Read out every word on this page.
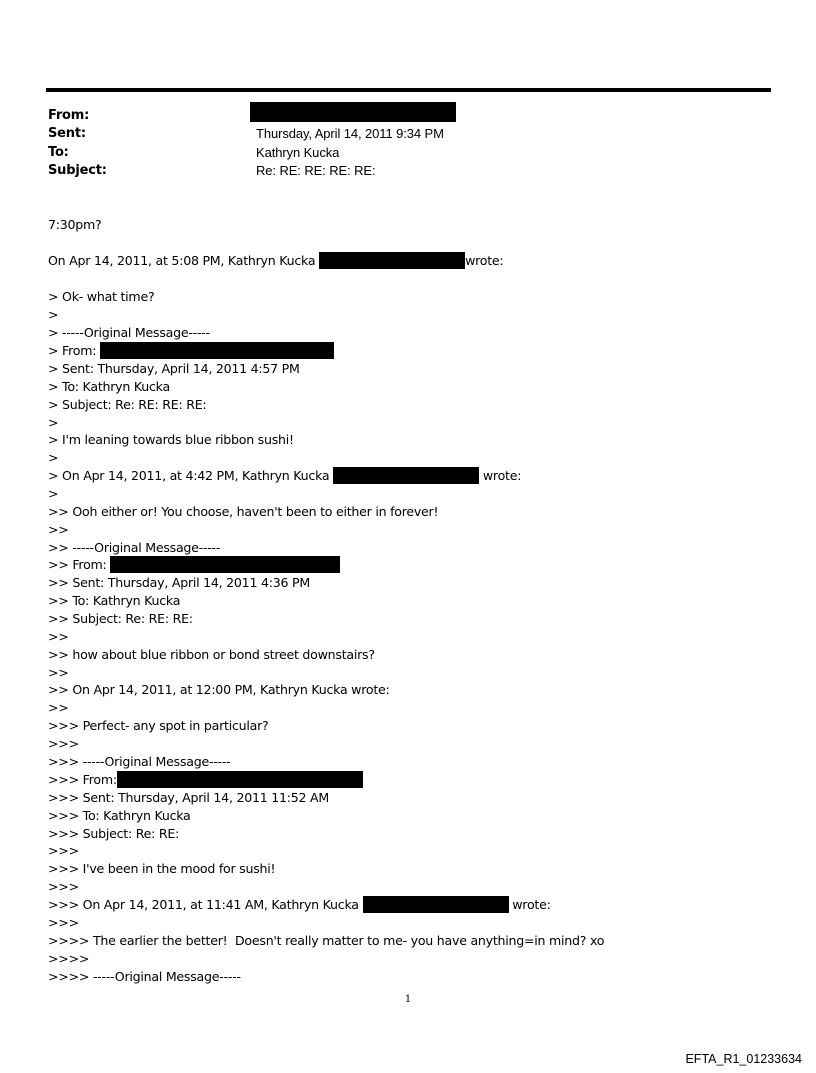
From:
Sent:	Thursday, April 14, 2011 9:34 PM
To:	Kathryn Kucka
Subject:	Re: RE: RE: RE: RE:
7:30pm?
On Apr 14, 2011, at 5:08 PM, Kathryn Kucka	wrote:
> Ok- what time?
>
> -----Original Message-----
> From:
> Sent: Thursday, April 14, 2011 4:57 PM
> To: Kathryn Kucka
> Subject: Re: RE: RE: RE:
>
> I'm leaning towards blue ribbon sushi!
>
> On Apr 14, 2011, at 4:42 PM, Kathryn Kucka	wrote:
>
>> Ooh either or! You choose, haven't been to either in forever!
>>
>> -----Original Message-----
>> From:
>> Sent: Thursday, April 14, 2011 4:36 PM
>> To: Kathryn Kucka
>> Subject: Re: RE: RE:
>>
>> how about blue ribbon or bond street downstairs?
>>
>> On Apr 14, 2011, at 12:00 PM, Kathryn Kucka wrote:
>>
>>> Perfect- any spot in particular?
>>>
>>> -----Original Message-----
>>> From:
>>> Sent: Thursday, April 14, 2011 11:52 AM
>>> To: Kathryn Kucka
>>> Subject: Re: RE:
>>>
>>> I've been in the mood for sushi!
>>>
>>> On Apr 14, 2011, at 11:41 AM, Kathryn Kucka	wrote:
>>>
>>>> The earlier the better!  Doesn't really matter to me- you have anything=in mind? xo
>>>>
>>>> -----Original Message-----
1
EFTA_R1_01233634
